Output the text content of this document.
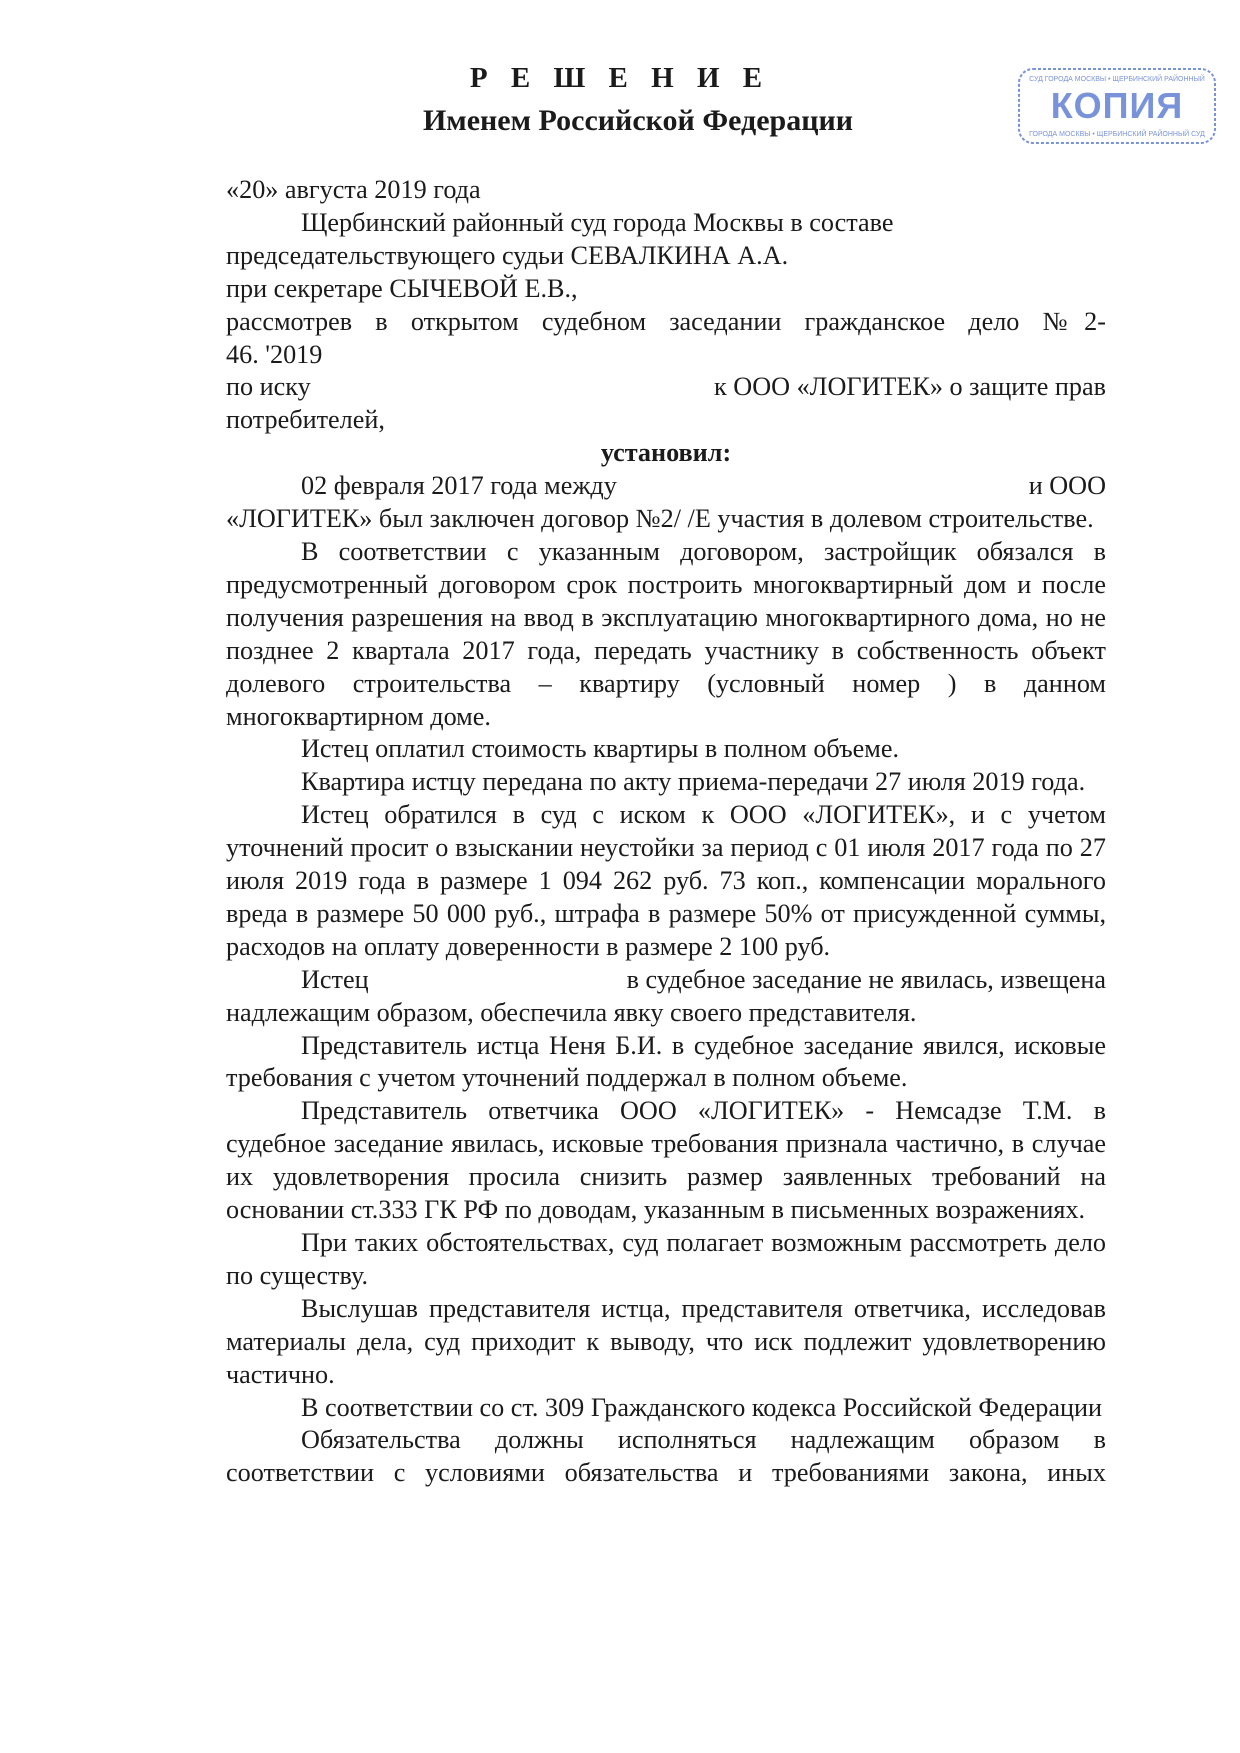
Р Е Ш Е Н И Е
Именем Российской Федерации
СУД ГОРОДА МОСКВЫ • ЩЕРБИНСКИЙ РАЙОННЫЙ
КОПИЯ
ГОРОДА МОСКВЫ • ЩЕРБИНСКИЙ РАЙОННЫЙ СУД

«20» августа 2019 года

Щербинский районный суд города Москвы в составе

председательствующего судьи СЕВАЛКИНА А.А.

при секретаре СЫЧЕВОЙ Е.В.,

рассмотрев в открытом судебном заседании гражданское дело №2-

46. '2019

по иску	к ООО «ЛОГИТЕК» о защите прав

потребителей,

установил:

02 февраля 2017 года между	и ООО

«ЛОГИТЕК» был заключен договор №2/ /Е участия в долевом строительстве.

В соответствии с указанным договором, застройщик обязался в предусмотренный договором срок построить многоквартирный дом и после получения разрешения на ввод в эксплуатацию многоквартирного дома, но не позднее 2 квартала 2017 года, передать участнику в собственность объект долевого строительства – квартиру (условный номер ) в данном многоквартирном доме.

Истец оплатил стоимость квартиры в полном объеме.

Квартира истцу передана по акту приема-передачи 27 июля 2019 года.

Истец обратился в суд с иском к ООО «ЛОГИТЕК», и с учетом уточнений просит о взыскании неустойки за период с 01 июля 2017 года по 27 июля 2019 года в размере 1 094 262 руб. 73 коп., компенсации морального вреда в размере 50 000 руб., штрафа в размере 50% от присужденной суммы, расходов на оплату доверенности в размере 2 100 руб.

Истец	в судебное заседание не явилась, извещена

надлежащим образом, обеспечила явку своего представителя.

Представитель истца Неня Б.И. в судебное заседание явился, исковые требования с учетом уточнений поддержал в полном объеме.

Представитель ответчика ООО «ЛОГИТЕК» - Немсадзе Т.М. в судебное заседание явилась, исковые требования признала частично, в случае их удовлетворения просила снизить размер заявленных требований на основании ст.333 ГК РФ по доводам, указанным в письменных возражениях.

При таких обстоятельствах, суд полагает возможным рассмотреть дело по существу.

Выслушав представителя истца, представителя ответчика, исследовав материалы дела, суд приходит к выводу, что иск подлежит удовлетворению частично.

В соответствии со ст. 309 Гражданского кодекса Российской Федерации

Обязательства должны исполняться надлежащим образом в соответствии с условиями обязательства и требованиями закона, иных
